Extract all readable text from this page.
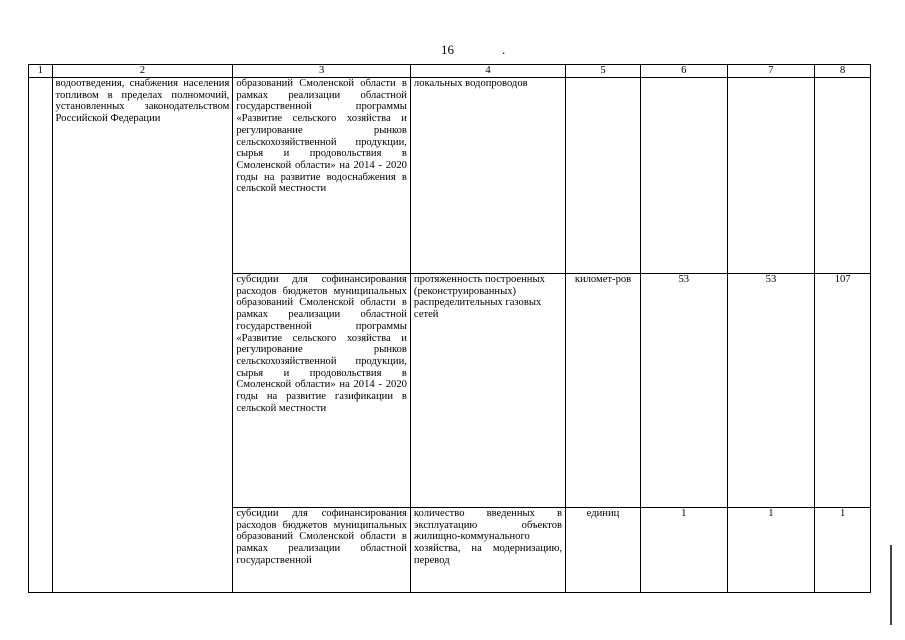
16	.
1	2	3	4	5	6	7	8
	водоотведения, снабжения населения топливом в пределах полномочий, установленных законодательством Российской Федерации	образований Смоленской области в рамках реализации областной государственной программы «Развитие сельского хозяйства и регулирование рынков сельскохозяйственной продукции, сырья и продовольствия в Смоленской области» на 2014 - 2020 годы на развитие водоснабжения в сельской местности	локальных водопроводов				
		субсидии для софинансирования расходов бюджетов муниципальных образований Смоленской области в рамках реализации областной государственной программы «Развитие сельского хозяйства и регулирование рынков сельскохозяйственной продукции, сырья и продовольствия в Смоленской области» на 2014 - 2020 годы на развитие газификации в сельской местности	протяженность построенных (реконструированных) распределительных газовых сетей	километ-ров	53	53	107
		субсидии для софинансирования расходов бюджетов муниципальных образований Смоленской области в рамках реализации областной государственной	количество введенных в эксплуатацию объектов жилищно-коммунального хозяйства, на модернизацию, перевод	единиц	1	1	1
